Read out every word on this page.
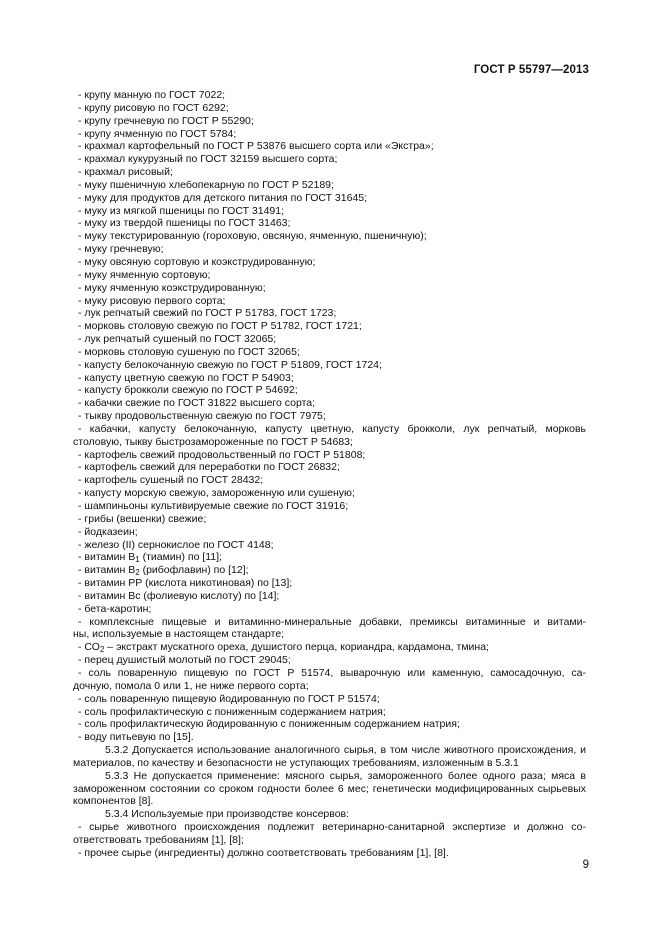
ГОСТ Р 55797—2013
- крупу манную по ГОСТ 7022;
- крупу рисовую по ГОСТ 6292;
- крупу гречневую по ГОСТ Р 55290;
- крупу ячменную по ГОСТ 5784;
- крахмал картофельный по ГОСТ Р 53876 высшего сорта или «Экстра»;
- крахмал кукурузный по ГОСТ 32159 высшего сорта;
- крахмал рисовый;
- муку пшеничную хлебопекарную по ГОСТ Р 52189;
- муку для продуктов для детского питания по ГОСТ 31645;
- муку из мягкой пшеницы по ГОСТ 31491;
- муку из твердой пшеницы по ГОСТ 31463;
- муку текстурированную (гороховую, овсяную, ячменную, пшеничную);
- муку гречневую;
- муку овсяную сортовую и коэкструдированную;
- муку ячменную сортовую;
- муку ячменную коэкструдированную;
- муку рисовую первого сорта;
- лук репчатый свежий по ГОСТ Р 51783, ГОСТ 1723;
- морковь столовую свежую по ГОСТ Р 51782, ГОСТ 1721;
- лук репчатый сушеный по ГОСТ 32065;
- морковь столовую сушеную по ГОСТ 32065;
- капусту белокочанную свежую по ГОСТ Р 51809, ГОСТ 1724;
- капусту цветную свежую по ГОСТ Р 54903;
- капусту брокколи свежую по ГОСТ Р 54692;
- кабачки свежие по ГОСТ 31822 высшего сорта;
- тыкву продовольственную свежую по ГОСТ 7975;
- кабачки, капусту белокочанную, капусту цветную, капусту брокколи, лук репчатый, морковь
столовую, тыкву быстрозамороженные по ГОСТ Р 54683;
- картофель свежий продовольственный по ГОСТ Р 51808;
- картофель свежий для переработки по ГОСТ 26832;
- картофель сушеный по ГОСТ 28432;
- капусту морскую свежую, замороженную или сушеную;
- шампиньоны культивируемые свежие по ГОСТ 31916;
- грибы (вешенки) свежие;
- йодказеин;
- железо (II) сернокислое по ГОСТ 4148;
- витамин $В_1$ (тиамин) по [11];
- витамин $В_2$ (рибофлавин) по [12];
- витамин РР (кислота никотиновая) по [13];
- витамин Вс (фолиевую кислоту) по [14];
- бета-каротин;
- комплексные пищевые и витаминно-минеральные добавки, премиксы витаминные и витами-
ны, используемые в настоящем стандарте;
- $СО_2$ – экстракт мускатного ореха, душистого перца, кориандра, кардамона, тмина;
- перец душистый молотый по ГОСТ 29045;
- соль поваренную пищевую по ГОСТ Р 51574, выварочную или каменную, самосадочную, са-
дочную, помола 0 или 1, не ниже первого сорта;
- соль поваренную пищевую йодированную по ГОСТ Р 51574;
- соль профилактическую с пониженным содержанием натрия;
- соль профилактическую йодированную с пониженным содержанием натрия;
- воду питьевую по [15].
5.3.2 Допускается использование аналогичного сырья, в том числе животного происхождения, и
материалов, по качеству и безопасности не уступающих требованиям, изложенным в 5.3.1
5.3.3 Не допускается применение: мясного сырья, замороженного более одного раза; мяса в
замороженном состоянии со сроком годности более 6 мес; генетически модифицированных сырьевых
компонентов [8].
5.3.4 Используемые при производстве консервов:
- сырье животного происхождения подлежит ветеринарно-санитарной экспертизе и должно со-
ответствовать требованиям [1], [8];
- прочее сырье (ингредиенты) должно соответствовать требованиям [1], [8].
9
